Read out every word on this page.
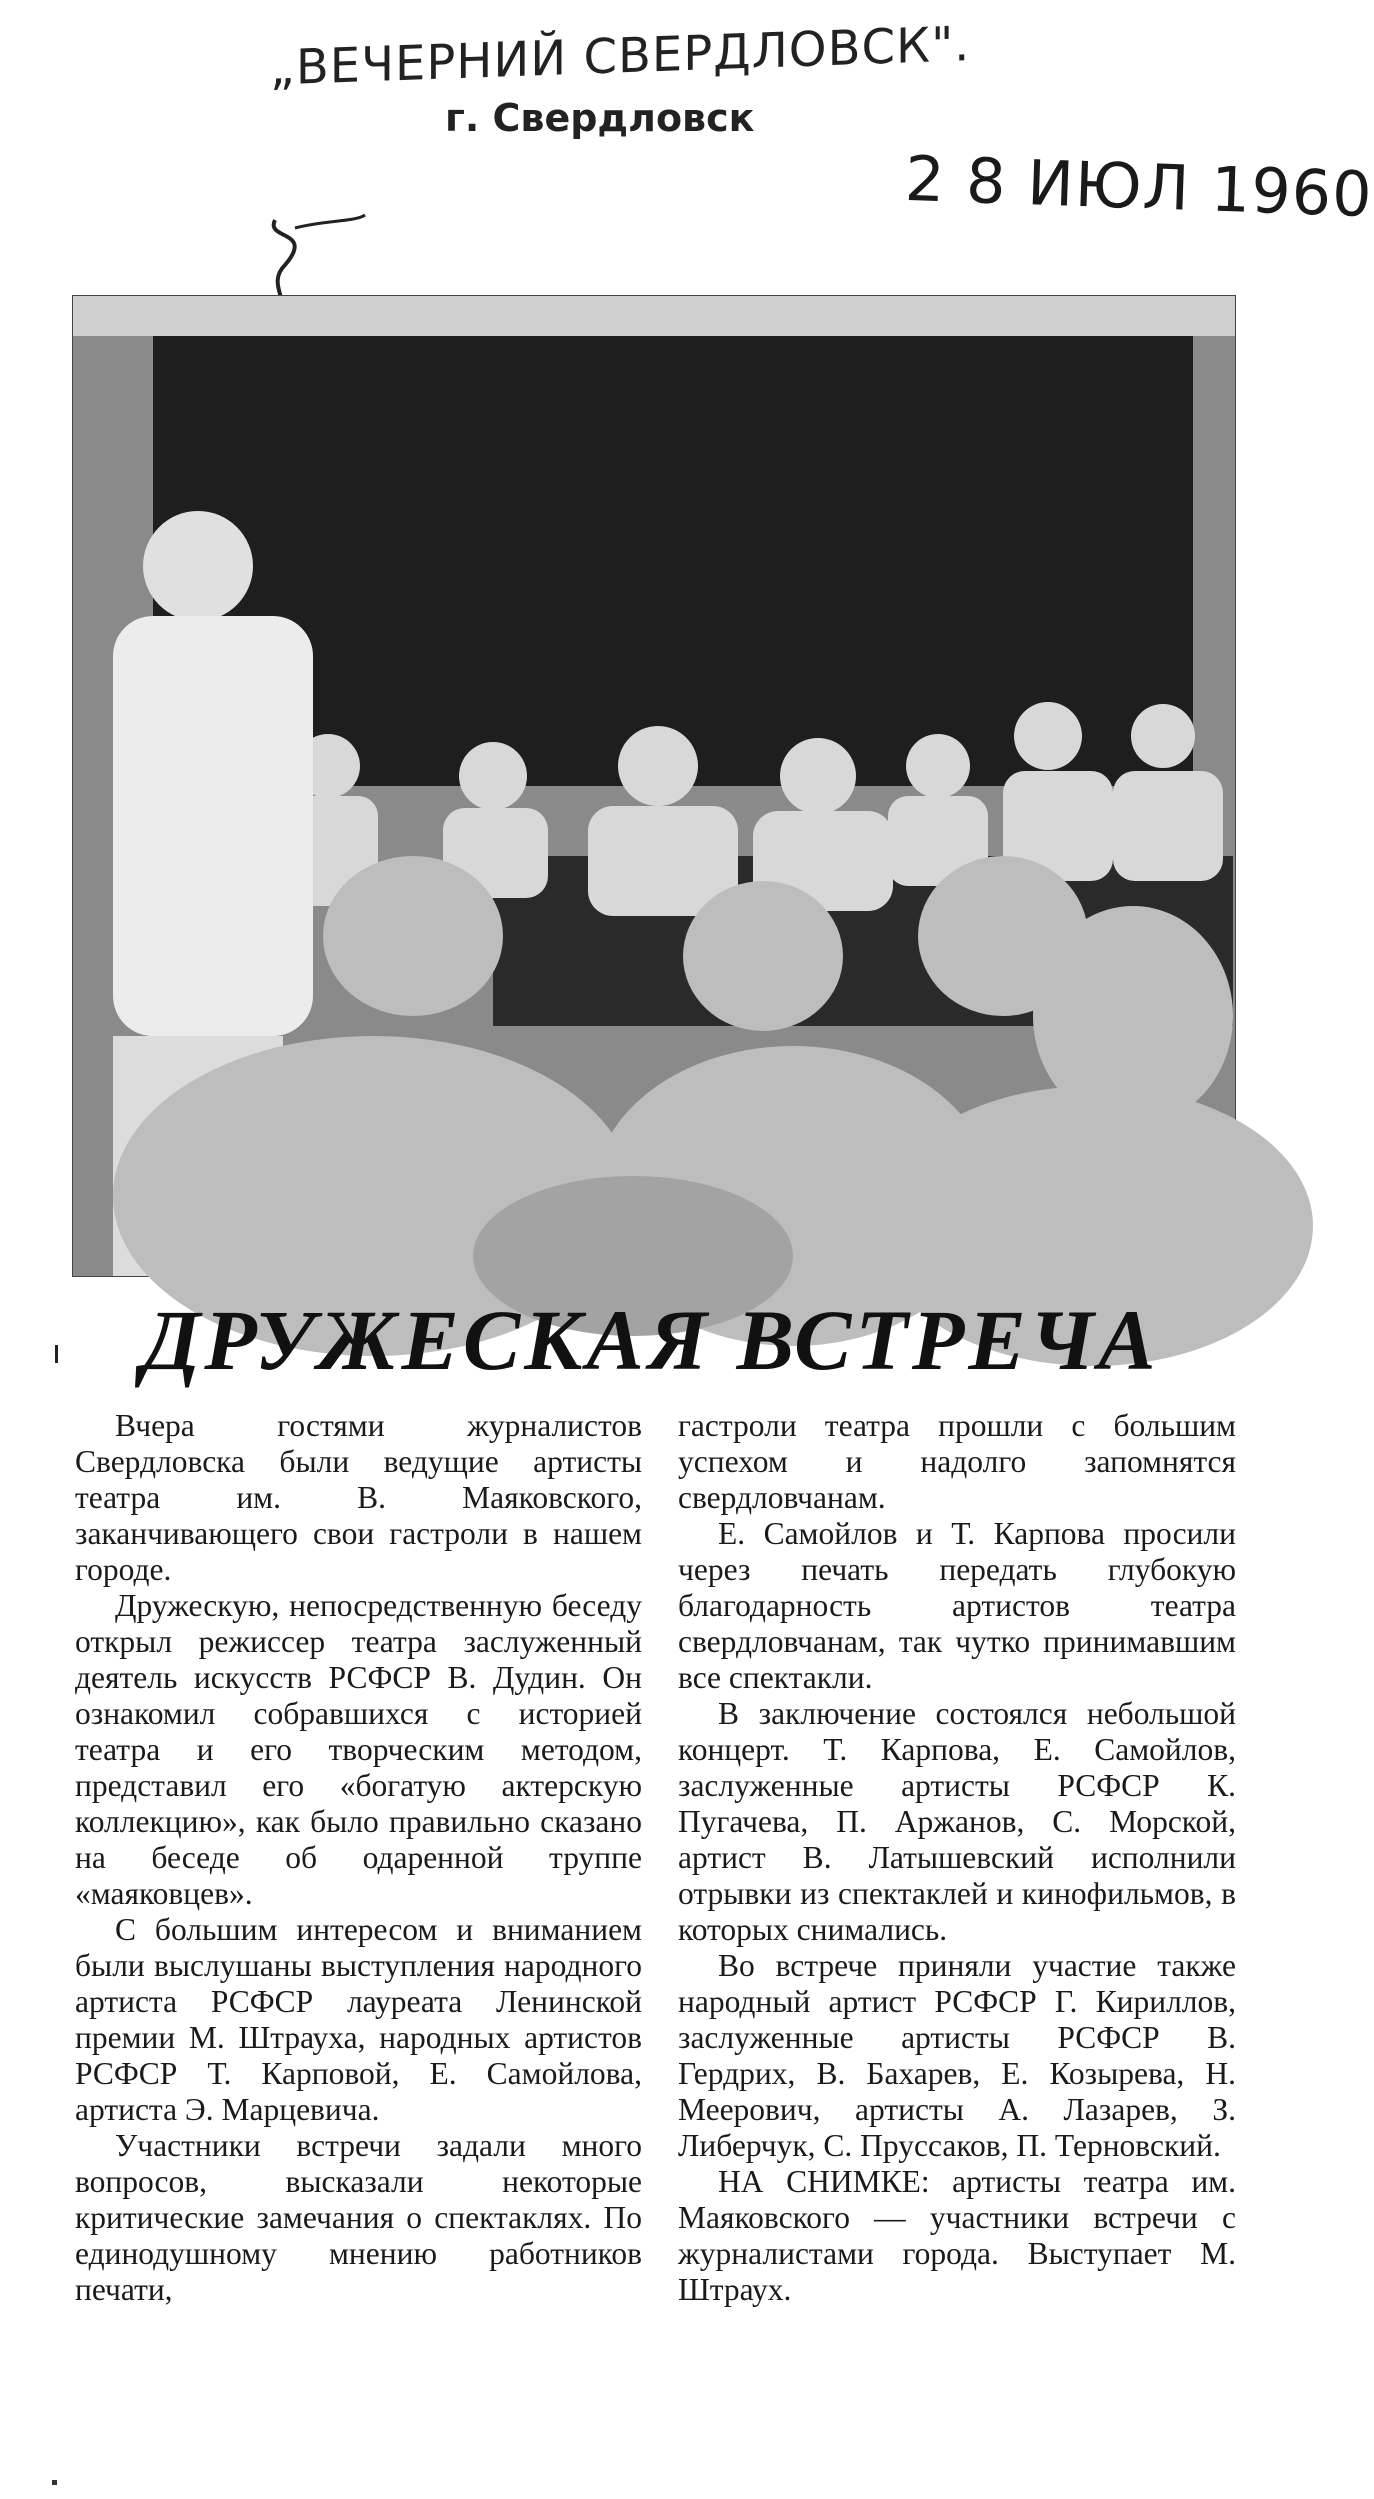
„ВЕЧЕРНИЙ СВЕРДЛОВСК".
г. Свердловск
2 8 ИЮЛ 1960
ДРУЖЕСКАЯ ВСТРЕЧА

Вчера гостями журналистов Свердловска были ведущие артисты театра им. В. Маяковского, заканчивающего свои гастроли в нашем городе.

Дружескую, непосредственную беседу открыл режиссер театра заслуженный деятель искусств РСФСР В. Дудин. Он ознакомил собравшихся с историей театра и его творческим методом, представил его «богатую актерскую коллекцию», как было правильно сказано на беседе об одаренной труппе «маяковцев».

С большим интересом и вниманием были выслушаны выступления народного артиста РСФСР лауреата Ленинской премии М. Штрауха, народных артистов РСФСР Т. Карповой, Е. Самойлова, артиста Э. Марцевича.

Участники встречи задали много вопросов, высказали некоторые критические замечания о спектаклях. По единодушному мнению работников печати,

гастроли театра прошли с большим успехом и надолго запомнятся свердловчанам.

Е. Самойлов и Т. Карпова просили через печать передать глубокую благодарность артистов театра свердловчанам, так чутко принимавшим все спектакли.

В заключение состоялся небольшой концерт. Т. Карпова, Е. Самойлов, заслуженные артисты РСФСР К. Пугачева, П. Аржанов, С. Морской, артист В. Латышевский исполнили отрывки из спектаклей и кинофильмов, в которых снимались.

Во встрече приняли участие также народный артист РСФСР Г. Кириллов, заслуженные артисты РСФСР В. Гердрих, В. Бахарев, Е. Козырева, Н. Меерович, артисты А. Лазарев, З. Либерчук, С. Пруссаков, П. Терновский.

НА СНИМКЕ: артисты театра им. Маяковского — участники встречи с журналистами города. Выступает М. Штраух.
